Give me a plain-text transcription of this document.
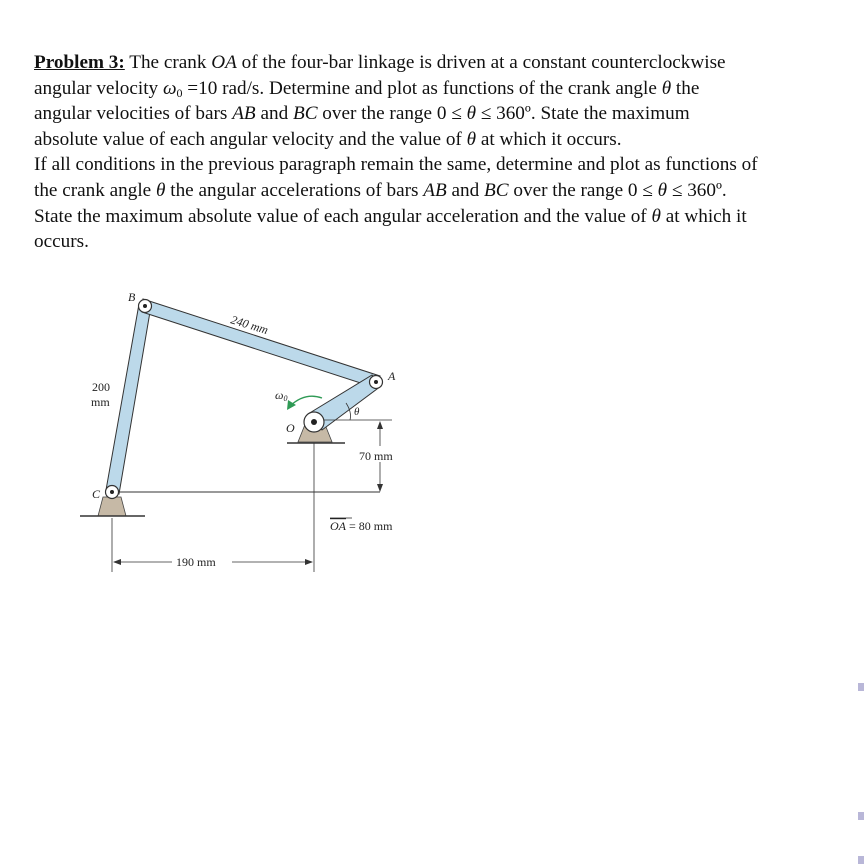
Problem 3: The crank OA of the four-bar linkage is driven at a constant counterclockwise
angular velocity $\omega_0 =10$ rad/s. Determine and plot as functions of the crank angle θ the
angular velocities of bars AB and BC over the range 0 ≤ θ ≤ 360º. State the maximum
absolute value of each angular velocity and the value of θ at which it occurs.
If all conditions in the previous paragraph remain the same, determine and plot as functions of
the crank angle θ the angular accelerations of bars AB and BC over the range 0 ≤ θ ≤ 360º.
State the maximum absolute value of each angular acceleration and the value of θ at which it
occurs.
70 mm
190 mm
B
A
C
O
θ
ω0
240 mm
200
mm
OA = 80 mm
